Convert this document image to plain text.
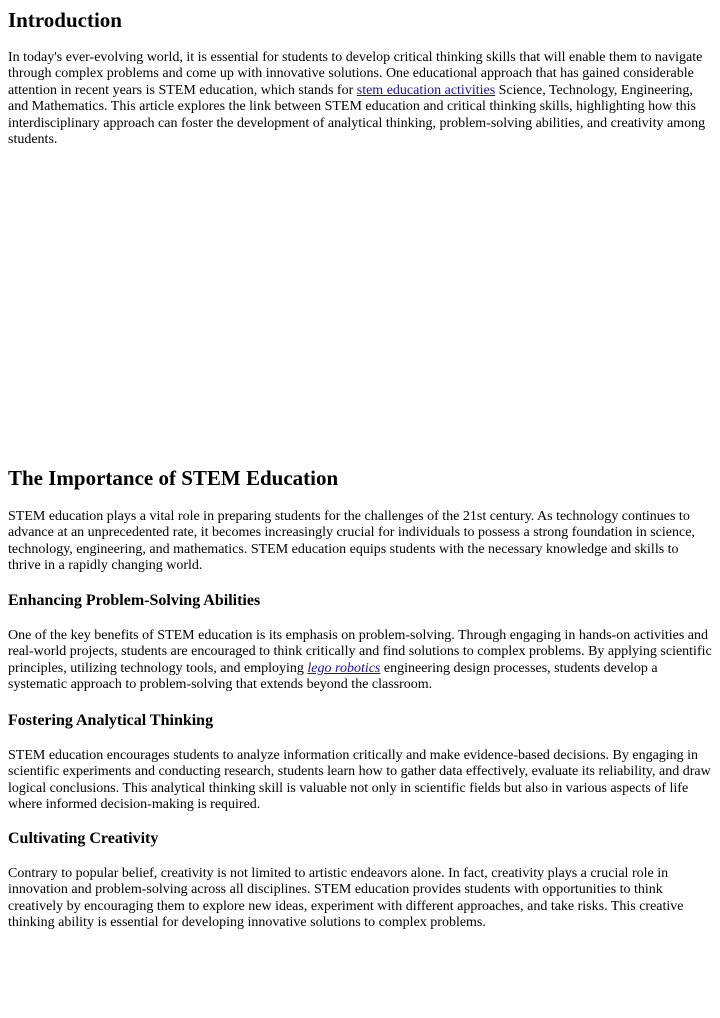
Introduction

In today's ever-evolving world, it is essential for students to develop critical thinking skills that will enable them to navigate through complex problems and come up with innovative solutions. One educational approach that has gained considerable attention in recent years is STEM education, which stands for stem education activities Science, Technology, Engineering, and Mathematics. This article explores the link between STEM education and critical thinking skills, highlighting how this interdisciplinary approach can foster the development of analytical thinking, problem-solving abilities, and creativity among students.

The Importance of STEM Education

STEM education plays a vital role in preparing students for the challenges of the 21st century. As technology continues to advance at an unprecedented rate, it becomes increasingly crucial for individuals to possess a strong foundation in science, technology, engineering, and mathematics. STEM education equips students with the necessary knowledge and skills to thrive in a rapidly changing world.

Enhancing Problem-Solving Abilities

One of the key benefits of STEM education is its emphasis on problem-solving. Through engaging in hands-on activities and real-world projects, students are encouraged to think critically and find solutions to complex problems. By applying scientific principles, utilizing technology tools, and employing lego robotics engineering design processes, students develop a systematic approach to problem-solving that extends beyond the classroom.

Fostering Analytical Thinking

STEM education encourages students to analyze information critically and make evidence-based decisions. By engaging in scientific experiments and conducting research, students learn how to gather data effectively, evaluate its reliability, and draw logical conclusions. This analytical thinking skill is valuable not only in scientific fields but also in various aspects of life where informed decision-making is required.

Cultivating Creativity

Contrary to popular belief, creativity is not limited to artistic endeavors alone. In fact, creativity plays a crucial role in innovation and problem-solving across all disciplines. STEM education provides students with opportunities to think creatively by encouraging them to explore new ideas, experiment with different approaches, and take risks. This creative thinking ability is essential for developing innovative solutions to complex problems.
